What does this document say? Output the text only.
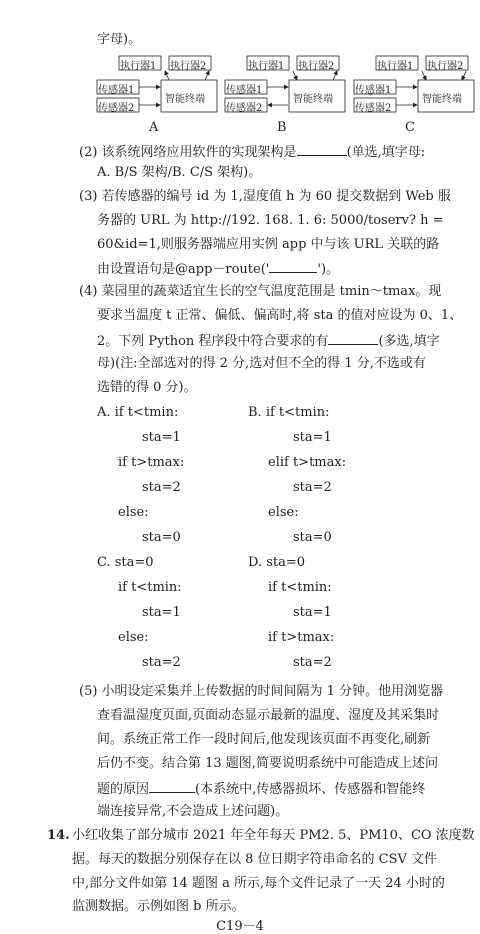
字母)。
执行器1 执行器2
传感器1
传感器2
智能终端
A
执行器1 执行器2
传感器1
传感器2
智能终端
B
执行器1 执行器2
传感器1
传感器2
智能终端
C
(2) 该系统网络应用软件的实现架构是	(单选,填字母:
A. B/S 架构/B. C/S 架构)。
(3) 若传感器的编号 id 为 1,湿度值 h 为 60 提交数据到 Web 服
务器的 URL 为 http://192. 168. 1. 6: 5000/toserv? h =
60&id=1,则服务器端应用实例 app 中与该 URL 关联的路
由设置语句是@app－route('	')。
(4) 菜园里的蔬菜适宜生长的空气温度范围是 tmin～tmax。现
要求当温度 t 正常、偏低、偏高时,将 sta 的值对应设为 0、1、
2。下列 Python 程序段中符合要求的有	(多选,填字
母)(注:全部选对的得 2 分,选对但不全的得 1 分,不选或有
选错的得 0 分)。
A. if t<tmin:
sta=1
if t>tmax:
sta=2
else:
sta=0
B. if t<tmin:
sta=1
elif t>tmax:
sta=2
else:
sta=0
C. sta=0
if t<tmin:
sta=1
else:
sta=2
D. sta=0
if t<tmin:
sta=1
if t>tmax:
sta=2
(5) 小明设定采集并上传数据的时间间隔为 1 分钟。他用浏览器
查看温湿度页面,页面动态显示最新的温度、湿度及其采集时
间。系统正常工作一段时间后,他发现该页面不再变化,刷新
后仍不变。结合第 13 题图,简要说明系统中可能造成上述问
题的原因	(本系统中,传感器损坏、传感器和智能终
端连接异常,不会造成上述问题)。
14. 小红收集了部分城市 2021 年全年每天 PM2. 5、PM10、CO 浓度数
据。每天的数据分别保存在以 8 位日期字符串命名的 CSV 文件
中,部分文件如第 14 题图 a 所示,每个文件记录了一天 24 小时的
监测数据。示例如图 b 所示。
C19－4
